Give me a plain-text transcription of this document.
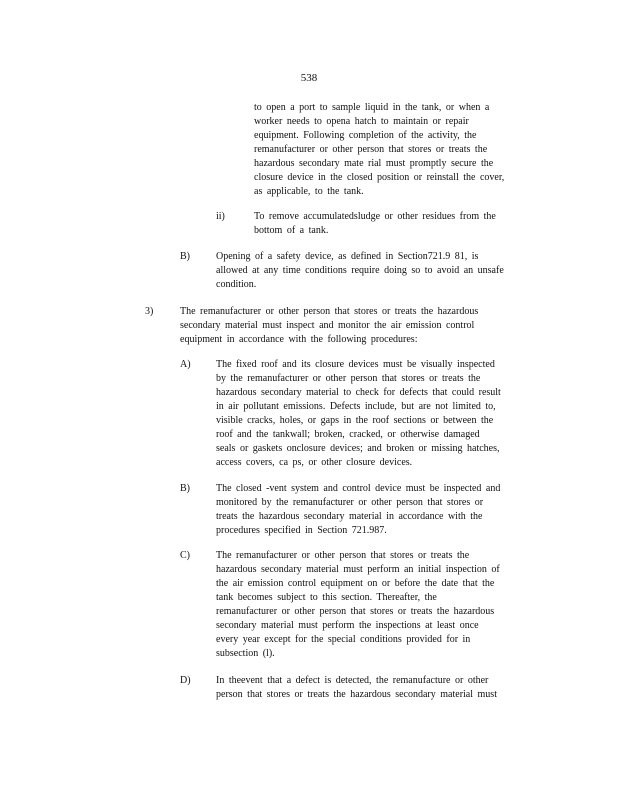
538
to open a port to sample liquid in the tank, or when a
worker needs to opena hatch to maintain or repair
equipment. Following completion of the activity, the
remanufacturer or other person that stores or treats the
hazardous secondary mate rial must promptly secure the
closure device in the closed position or reinstall the cover,
as applicable, to the tank.
ii)	To remove accumulatedsludge or other residues from the
bottom of a tank.
B)	Opening of a safety device, as defined in Section721.9 81, is
allowed at any time conditions require doing so to avoid an unsafe
condition.
3)	The remanufacturer or other person that stores or treats the hazardous
secondary material must inspect and monitor the air emission control
equipment in accordance with the following procedures:
A)	The fixed roof and its closure devices must be visually inspected
by the remanufacturer or other person that stores or treats the
hazardous secondary material to check for defects that could result
in air pollutant emissions. Defects include, but are not limited to,
visible cracks, holes, or gaps in the roof sections or between the
roof and the tankwall; broken, cracked, or otherwise damaged
seals or gaskets onclosure devices; and broken or missing hatches,
access covers, ca ps, or other closure devices.
B)	The closed -vent system and control device must be inspected and
monitored by the remanufacturer or other person that stores or
treats the hazardous secondary material in accordance with the
procedures specified in Section 721.987.
C)	The remanufacturer or other person that stores or treats the
hazardous secondary material must perform an initial inspection of
the air emission control equipment on or before the date that the
tank becomes subject to this section. Thereafter, the
remanufacturer or other person that stores or treats the hazardous
secondary material must perform the inspections at least once
every year except for the special conditions provided for in
subsection (l).
D)	In theevent that a defect is detected, the remanufacture or other
person that stores or treats the hazardous secondary material must
